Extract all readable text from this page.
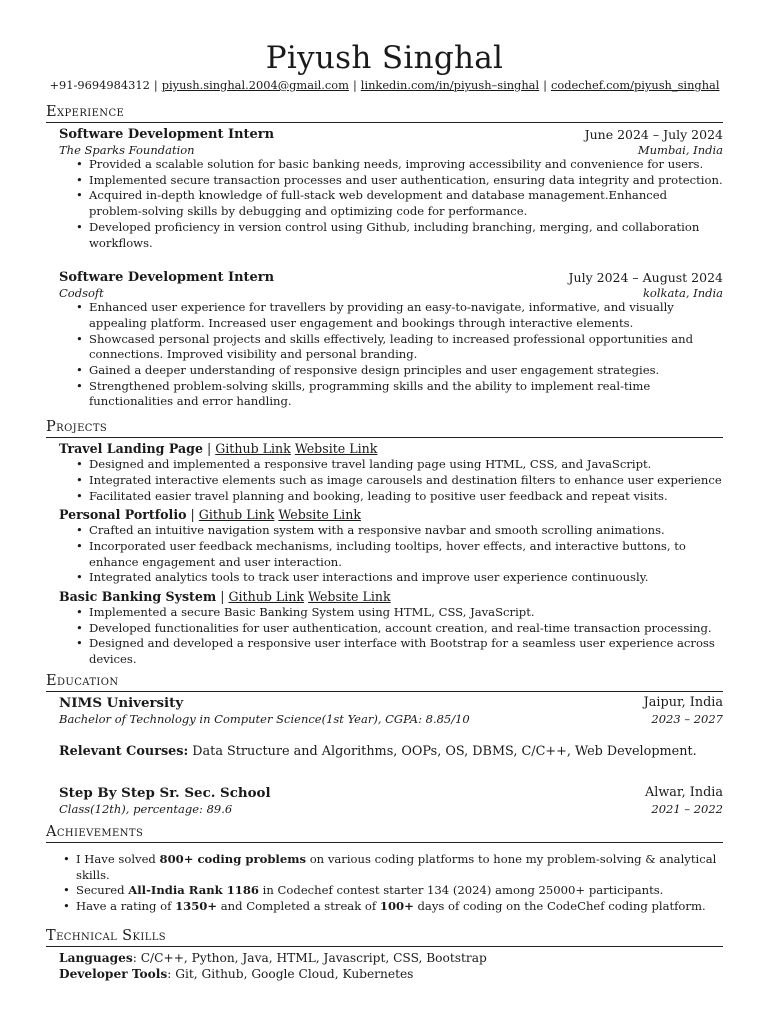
Piyush Singhal
+91-9694984312 | piyush.singhal.2004@gmail.com | linkedin.com/in/piyush–singhal | codechef.com/piyush_singhal
Experience
Software Development Intern	June 2024 – July 2024
The Sparks Foundation	Mumbai, India
• Provided a scalable solution for basic banking needs, improving accessibility and convenience for users.
• Implemented secure transaction processes and user authentication, ensuring data integrity and protection.
• Acquired in-depth knowledge of full-stack web development and database management.Enhanced problem-solving skills by debugging and optimizing code for performance.
• Developed proficiency in version control using Github, including branching, merging, and collaboration workflows.
Software Development Intern	July 2024 – August 2024
Codsoft	kolkata, India
• Enhanced user experience for travellers by providing an easy-to-navigate, informative, and visually appealing platform. Increased user engagement and bookings through interactive elements.
• Showcased personal projects and skills effectively, leading to increased professional opportunities and connections. Improved visibility and personal branding.
• Gained a deeper understanding of responsive design principles and user engagement strategies.
• Strengthened problem-solving skills, programming skills and the ability to implement real-time functionalities and error handling.
Projects
Travel Landing Page | Github Link Website Link
• Designed and implemented a responsive travel landing page using HTML, CSS, and JavaScript.
• Integrated interactive elements such as image carousels and destination filters to enhance user experience
• Facilitated easier travel planning and booking, leading to positive user feedback and repeat visits.
Personal Portfolio | Github Link Website Link
• Crafted an intuitive navigation system with a responsive navbar and smooth scrolling animations.
• Incorporated user feedback mechanisms, including tooltips, hover effects, and interactive buttons, to enhance engagement and user interaction.
• Integrated analytics tools to track user interactions and improve user experience continuously.
Basic Banking System | Github Link Website Link
• Implemented a secure Basic Banking System using HTML, CSS, JavaScript.
• Developed functionalities for user authentication, account creation, and real-time transaction processing.
• Designed and developed a responsive user interface with Bootstrap for a seamless user experience across devices.
Education
NIMS University	Jaipur, India
Bachelor of Technology in Computer Science(1st Year), CGPA: 8.85/10	2023 – 2027
Relevant Courses: Data Structure and Algorithms, OOPs, OS, DBMS, C/C++, Web Development.
Step By Step Sr. Sec. School	Alwar, India
Class(12th), percentage: 89.6	2021 – 2022
Achievements
• I Have solved 800+ coding problems on various coding platforms to hone my problem-solving & analytical skills.
• Secured All-India Rank 1186 in Codechef contest starter 134 (2024) among 25000+ participants.
• Have a rating of 1350+ and Completed a streak of 100+ days of coding on the CodeChef coding platform.
Technical Skills
Languages: C/C++, Python, Java, HTML, Javascript, CSS, Bootstrap
Developer Tools: Git, Github, Google Cloud, Kubernetes
